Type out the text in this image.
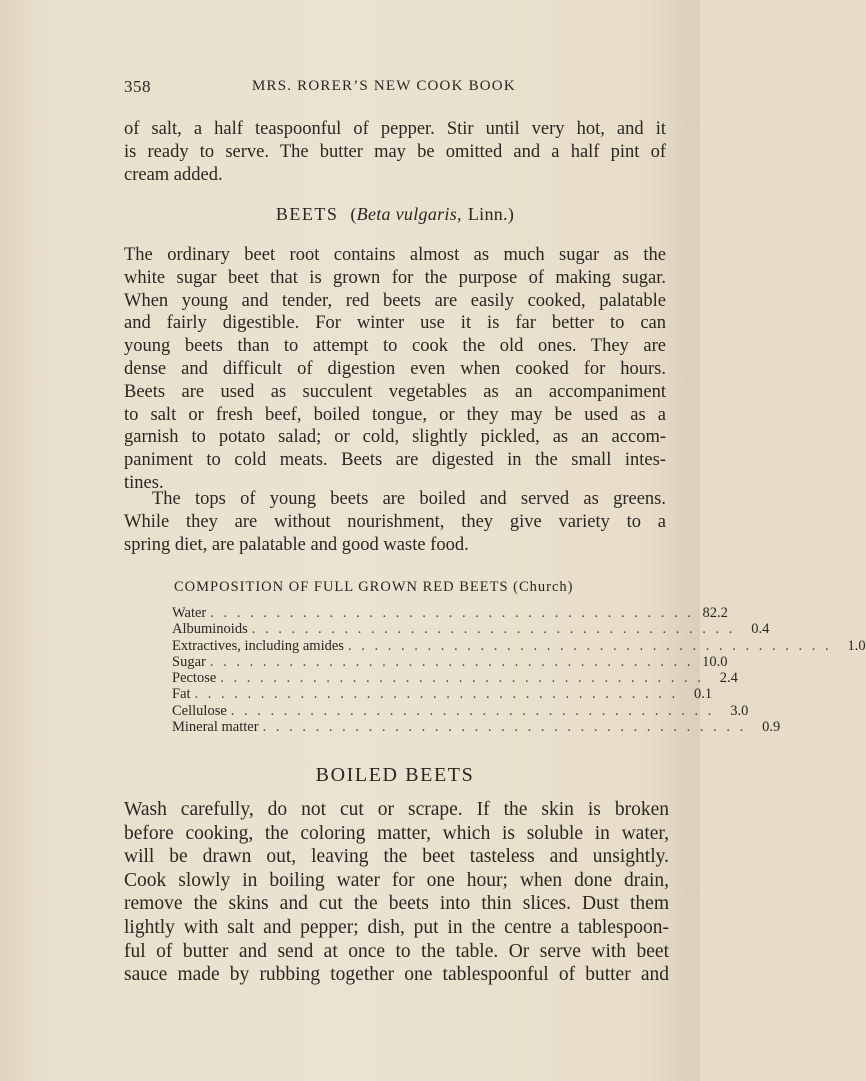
358	MRS. RORER’S NEW COOK BOOK
of salt, a half teaspoonful of pepper. Stir until very hot, and it
is ready to serve. The butter may be omitted and a half pint of
cream added.
BEETS (Beta vulgaris, Linn.)
The ordinary beet root contains almost as much sugar as the
white sugar beet that is grown for the purpose of making sugar.
When young and tender, red beets are easily cooked, palatable
and fairly digestible. For winter use it is far better to can
young beets than to attempt to cook the old ones. They are
dense and difficult of digestion even when cooked for hours.
Beets are used as succulent vegetables as an accompaniment
to salt or fresh beef, boiled tongue, or they may be used as a
garnish to potato salad; or cold, slightly pickled, as an accom-
paniment to cold meats. Beets are digested in the small intes-
tines.
The tops of young beets are boiled and served as greens.
While they are without nourishment, they give variety to a
spring diet, are palatable and good waste food.
COMPOSITION OF FULL GROWN RED BEETS (Church)
Water . . . . . . . . . . . . . . . . . . . . . . . . . . . . . . . . . . . . . 82.2
Albuminoids . . . . . . . . . . . . . . . . . . . . . . . . . . . . . . . . . . . . .	0.4
Extractives, including amides . . . . . . . . . . . . . . . . . . . . . . . . . . . . . . . . . . . . .	1.0
Sugar . . . . . . . . . . . . . . . . . . . . . . . . . . . . . . . . . . . . . 10.0
Pectose . . . . . . . . . . . . . . . . . . . . . . . . . . . . . . . . . . . . .	2.4
Fat . . . . . . . . . . . . . . . . . . . . . . . . . . . . . . . . . . . . .	0.1
Cellulose . . . . . . . . . . . . . . . . . . . . . . . . . . . . . . . . . . . . .	3.0
Mineral matter . . . . . . . . . . . . . . . . . . . . . . . . . . . . . . . . . . . . .	0.9
BOILED BEETS
Wash carefully, do not cut or scrape. If the skin is broken
before cooking, the coloring matter, which is soluble in water,
will be drawn out, leaving the beet tasteless and unsightly.
Cook slowly in boiling water for one hour; when done drain,
remove the skins and cut the beets into thin slices. Dust them
lightly with salt and pepper; dish, put in the centre a tablespoon-
ful of butter and send at once to the table. Or serve with beet
sauce made by rubbing together one tablespoonful of butter and
